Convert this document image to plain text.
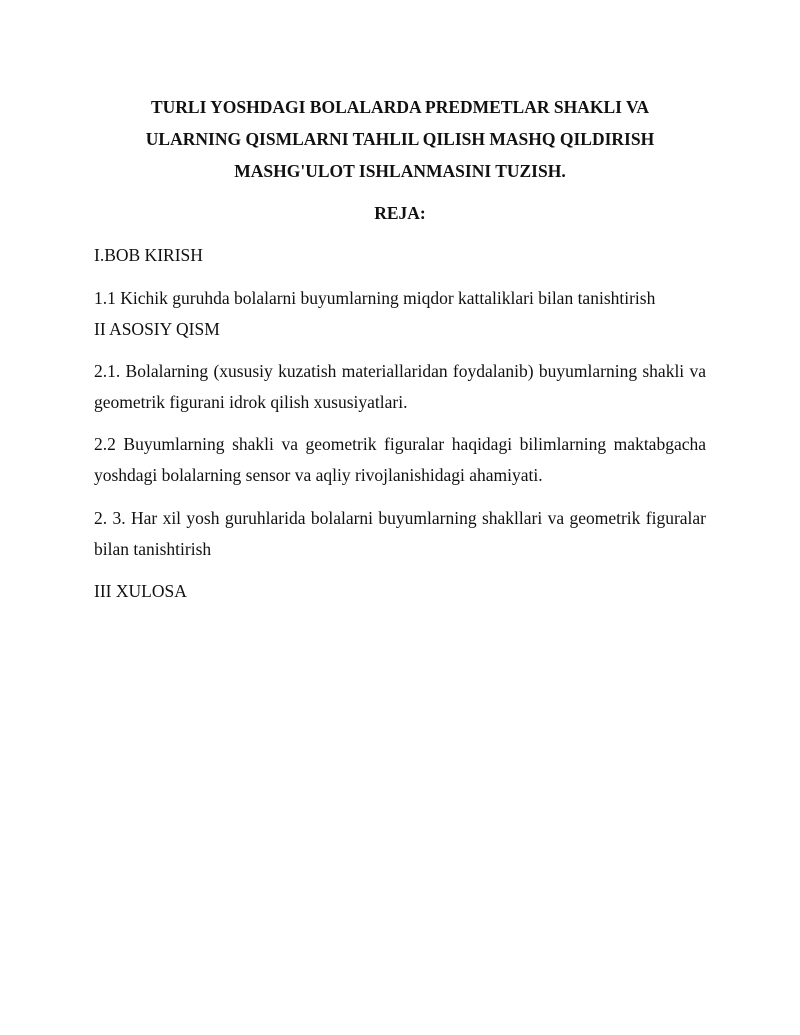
TURLI YOSHDAGI BOLALARDA PREDMETLAR SHAKLI VA
ULARNING QISMLARNI TAHLIL QILISH MASHQ QILDIRISH
MASHG'ULOT ISHLANMASINI TUZISH.
REJA:

I.BOB KIRISH

1.1 Kichik guruhda bolalarni buyumlarning miqdor kattaliklari bilan tanishtirish

II ASOSIY QISM

2.1. Bolalarning (xususiy kuzatish materiallaridan foydalanib) buyumlarning shakli va geometrik figurani idrok qilish xususiyatlari.

2.2 Buyumlarning shakli va geometrik figuralar haqidagi bilimlarning maktabgacha yoshdagi bolalarning sensor va aqliy rivojlanishidagi ahamiyati.

2. 3. Har xil yosh guruhlarida bolalarni buyumlarning shakllari va geometrik figuralar bilan tanishtirish

III XULOSA
